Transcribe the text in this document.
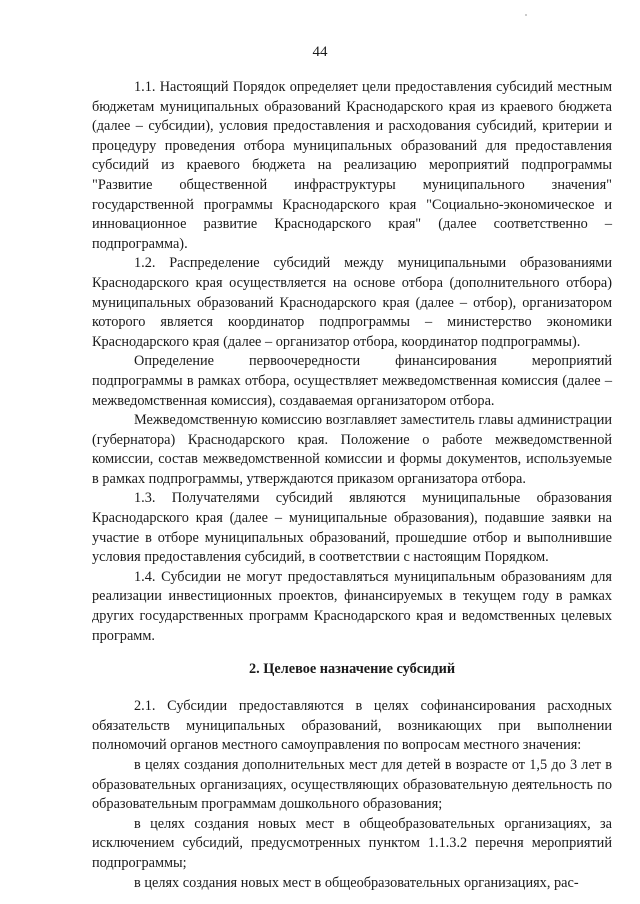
44

1.1. Настоящий Порядок определяет цели предоставления субсидий местным бюджетам муниципальных образований Краснодарского края из краевого бюджета (далее – субсидии), условия предоставления и расходования субсидий, критерии и процедуру проведения отбора муниципальных образований для предоставления субсидий из краевого бюджета на реализацию мероприятий подпрограммы "Развитие общественной инфраструктуры муниципального значения" государственной программы Краснодарского края "Социально-экономическое и инновационное развитие Краснодарского края" (далее соответственно – подпрограмма).

1.2. Распределение субсидий между муниципальными образованиями Краснодарского края осуществляется на основе отбора (дополнительного отбора) муниципальных образований Краснодарского края (далее – отбор), организатором которого является координатор подпрограммы – министерство экономики Краснодарского края (далее – организатор отбора, координатор подпрограммы).

Определение первоочередности финансирования мероприятий подпрограммы в рамках отбора, осуществляет межведомственная комиссия (далее – межведомственная комиссия), создаваемая организатором отбора.

Межведомственную комиссию возглавляет заместитель главы администрации (губернатора) Краснодарского края. Положение о работе межведомственной комиссии, состав межведомственной комиссии и формы документов, используемые в рамках подпрограммы, утверждаются приказом организатора отбора.

1.3. Получателями субсидий являются муниципальные образования Краснодарского края (далее – муниципальные образования), подавшие заявки на участие в отборе муниципальных образований, прошедшие отбор и выполнившие условия предоставления субсидий, в соответствии с настоящим Порядком.

1.4. Субсидии не могут предоставляться муниципальным образованиям для реализации инвестиционных проектов, финансируемых в текущем году в рамках других государственных программ Краснодарского края и ведомственных целевых программ.

2. Целевое назначение субсидий

2.1. Субсидии предоставляются в целях софинансирования расходных обязательств муниципальных образований, возникающих при выполнении полномочий органов местного самоуправления по вопросам местного значения:

в целях создания дополнительных мест для детей в возрасте от 1,5 до 3 лет в образовательных организациях, осуществляющих образовательную деятельность по образовательным программам дошкольного образования;

в целях создания новых мест в общеобразовательных организациях, за исключением субсидий, предусмотренных пунктом 1.1.3.2 перечня мероприятий подпрограммы;

в целях создания новых мест в общеобразовательных организациях, рас-
